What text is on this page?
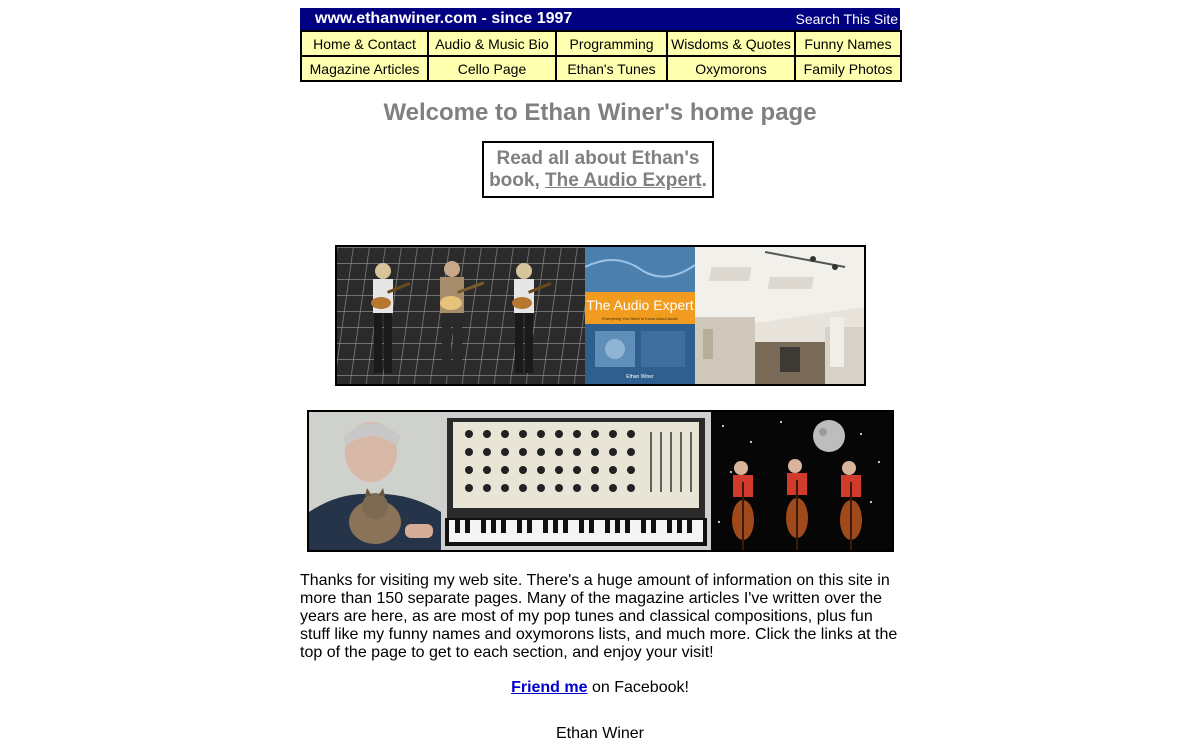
www.ethanwiner.com - since 1997	Search This Site
Home & Contact	Audio & Music Bio	Programming	Wisdoms & Quotes	Funny Names
Magazine Articles	Cello Page	Ethan's Tunes	Oxymorons	Family Photos
Welcome to Ethan Winer's home page
Read all about Ethan's book, The Audio Expert.
The Audio Expert
Everything You Need to Know About Audio
Ethan Winer
Thanks for visiting my web site. There's a huge amount of information on this site in more than 150 separate pages. Many of the magazine articles I've written over the years are here, as are most of my pop tunes and classical compositions, plus fun stuff like my funny names and oxymorons lists, and much more. Click the links at the top of the page to get to each section, and enjoy your visit!
Friend me on Facebook!
Ethan Winer
